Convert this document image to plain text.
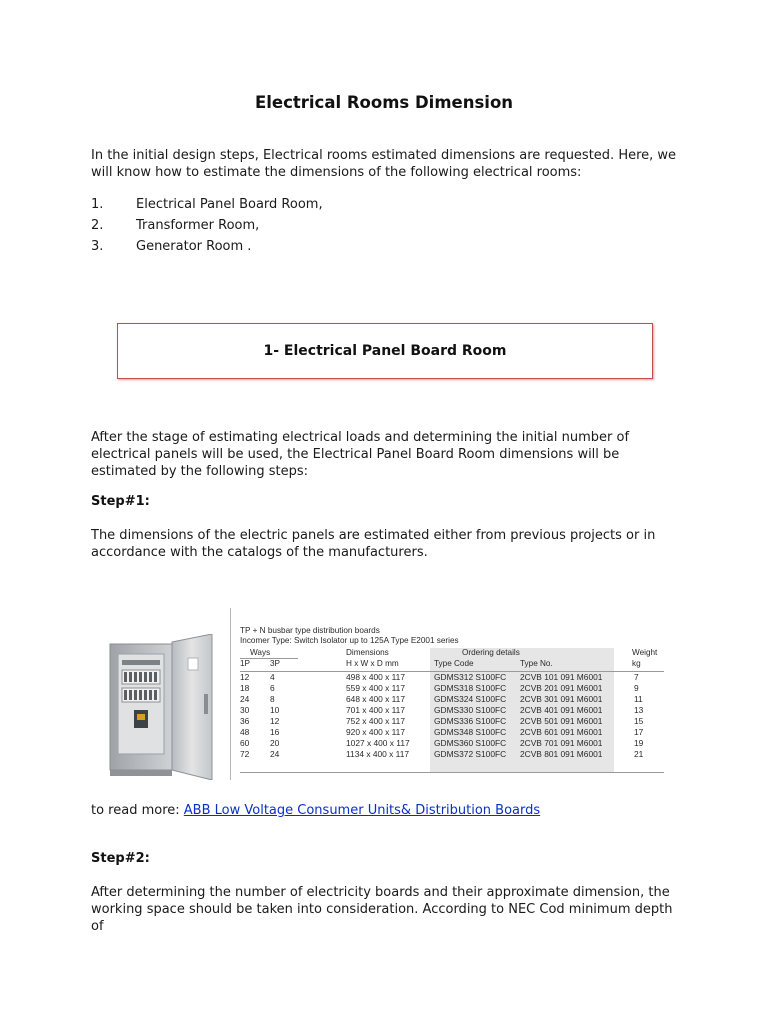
Electrical Rooms Dimension

In the initial design steps, Electrical rooms estimated dimensions are requested. Here, we will know how to estimate the dimensions of the following electrical rooms:

1.	Electrical Panel Board Room,
2.	Transformer Room,
3.	Generator Room .
1- Electrical Panel Board Room

After the stage of estimating electrical loads and determining the initial number of electrical panels will be used, the Electrical Panel Board Room dimensions will be estimated by the following steps:

Step#1:

The dimensions of the electric panels are estimated either from previous projects or in accordance with the catalogs of the manufacturers.

TP + N busbar type distribution boards
Incomer Type: Switch Isolator up to 125A Type E2001 series
Ways
1P 3P
Dimensions
H x W x D mm
Ordering details
Type Code	Type No.
Weight
kg
12 4	498 x 400 x 117	GDMS312 S100FC 2CVB 101 091 M6001	7
18 6	559 x 400 x 117	GDMS318 S100FC 2CVB 201 091 M6001	9
24 8	648 x 400 x 117	GDMS324 S100FC 2CVB 301 091 M6001	11
30 10	701 x 400 x 117	GDMS330 S100FC 2CVB 401 091 M6001	13
36 12	752 x 400 x 117	GDMS336 S100FC 2CVB 501 091 M6001	15
48 16	920 x 400 x 117	GDMS348 S100FC 2CVB 601 091 M6001	17
60 20	1027 x 400 x 117	GDMS360 S100FC 2CVB 701 091 M6001	19
72 24	1134 x 400 x 117	GDMS372 S100FC 2CVB 801 091 M6001	21
to read more: ABB Low Voltage Consumer Units& Distribution Boards
Step#2:

After determining the number of electricity boards and their approximate dimension, the working space should be taken into consideration. According to NEC Cod minimum depth of
